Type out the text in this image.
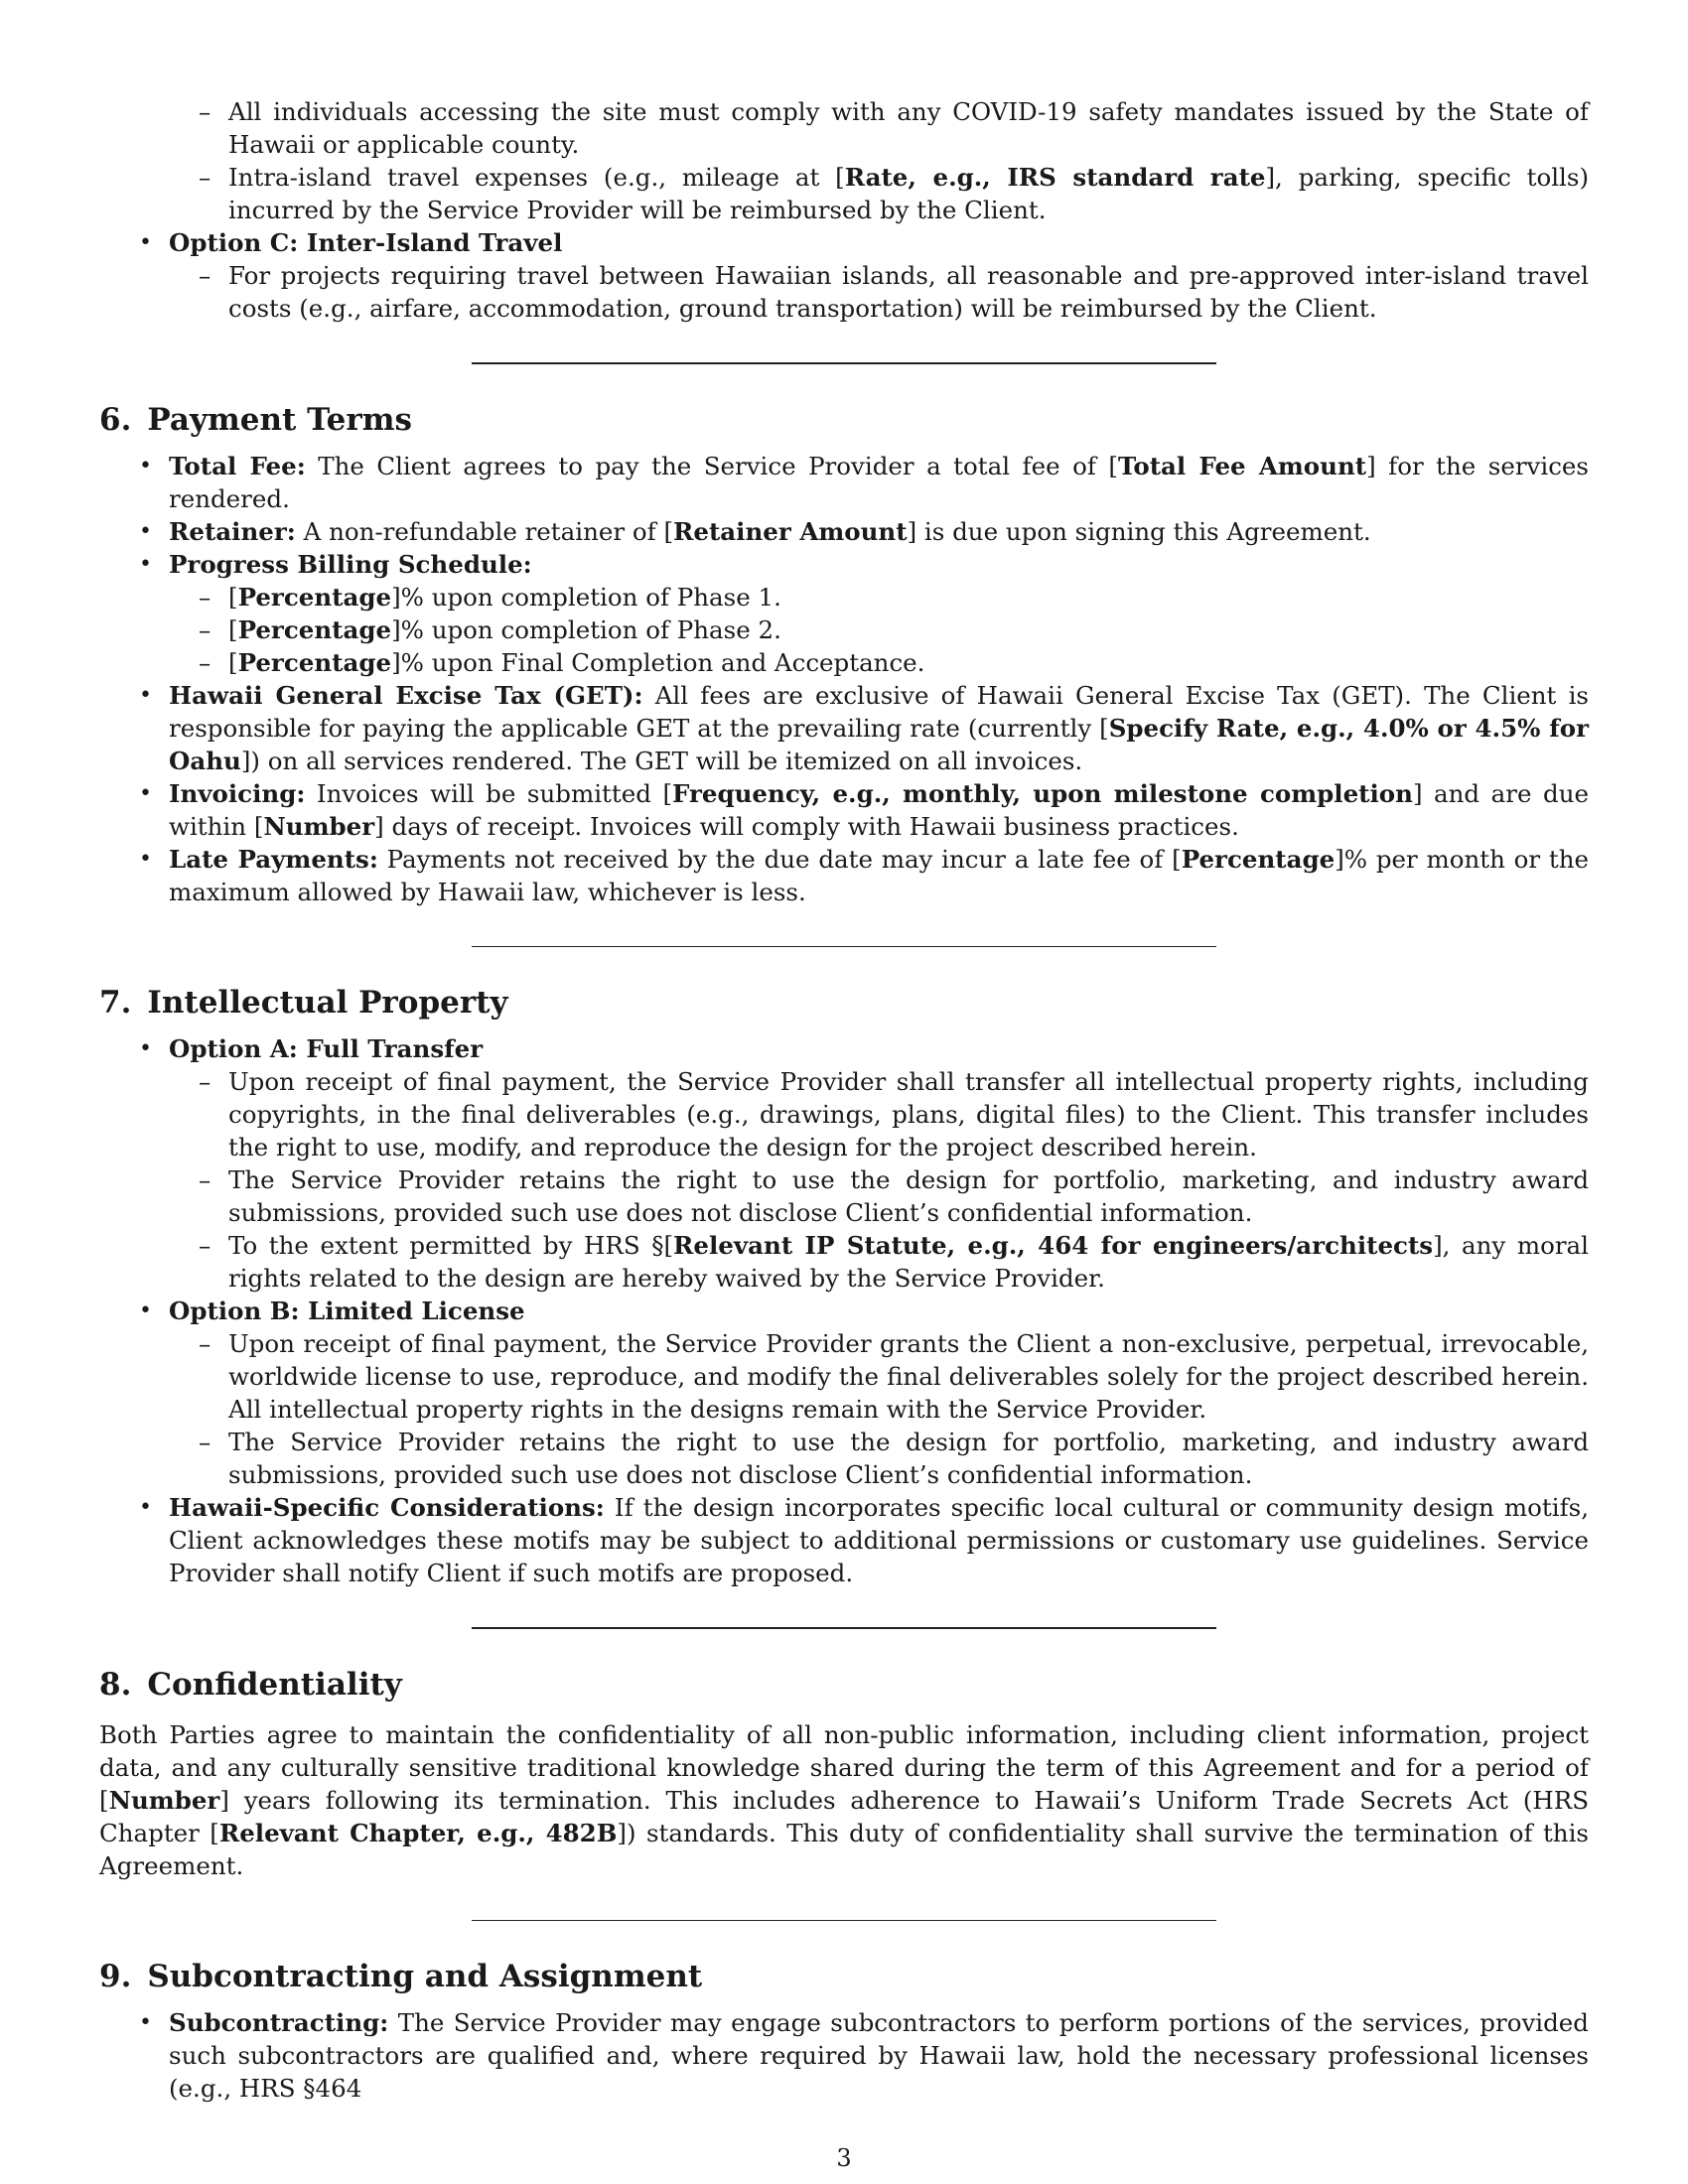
– All individuals accessing the site must comply with any COVID-19 safety mandates issued by the State of Hawaii or applicable county.
– Intra-island travel expenses (e.g., mileage at [Rate, e.g., IRS standard rate], parking, specific tolls) incurred by the Service Provider will be reimbursed by the Client.
• Option C: Inter-Island Travel
– For projects requiring travel between Hawaiian islands, all reasonable and pre-approved inter-island travel costs (e.g., airfare, accommodation, ground transportation) will be reimbursed by the Client.
6. Payment Terms
• Total Fee: The Client agrees to pay the Service Provider a total fee of [Total Fee Amount] for the services rendered.
• Retainer: A non-refundable retainer of [Retainer Amount] is due upon signing this Agreement.
• Progress Billing Schedule:
– [Percentage]% upon completion of Phase 1.
– [Percentage]% upon completion of Phase 2.
– [Percentage]% upon Final Completion and Acceptance.
• Hawaii General Excise Tax (GET): All fees are exclusive of Hawaii General Excise Tax (GET). The Client is responsible for paying the applicable GET at the prevailing rate (currently [Specify Rate, e.g., 4.0% or 4.5% for Oahu]) on all services rendered. The GET will be itemized on all invoices.
• Invoicing: Invoices will be submitted [Frequency, e.g., monthly, upon milestone completion] and are due within [Number] days of receipt. Invoices will comply with Hawaii business practices.
• Late Payments: Payments not received by the due date may incur a late fee of [Percentage]% per month or the maximum allowed by Hawaii law, whichever is less.
7. Intellectual Property
• Option A: Full Transfer
– Upon receipt of final payment, the Service Provider shall transfer all intellectual property rights, including copyrights, in the final deliverables (e.g., drawings, plans, digital files) to the Client. This transfer includes the right to use, modify, and reproduce the design for the project described herein.
– The Service Provider retains the right to use the design for portfolio, marketing, and industry award submissions, provided such use does not disclose Client’s confidential information.
– To the extent permitted by HRS §[Relevant IP Statute, e.g., 464 for engineers/architects], any moral rights related to the design are hereby waived by the Service Provider.
• Option B: Limited License
– Upon receipt of final payment, the Service Provider grants the Client a non-exclusive, perpetual, irrevocable, worldwide license to use, reproduce, and modify the final deliverables solely for the project described herein. All intellectual property rights in the designs remain with the Service Provider.
– The Service Provider retains the right to use the design for portfolio, marketing, and industry award submissions, provided such use does not disclose Client’s confidential information.
• Hawaii-Specific Considerations: If the design incorporates specific local cultural or community design motifs, Client acknowledges these motifs may be subject to additional permissions or customary use guidelines. Service Provider shall notify Client if such motifs are proposed.
8. Confidentiality
Both Parties agree to maintain the confidentiality of all non-public information, including client information, project data, and any culturally sensitive traditional knowledge shared during the term of this Agreement and for a period of [Number] years following its termination. This includes adherence to Hawaii’s Uniform Trade Secrets Act (HRS Chapter [Relevant Chapter, e.g., 482B]) standards. This duty of confidentiality shall survive the termination of this Agreement.
9. Subcontracting and Assignment
• Subcontracting: The Service Provider may engage subcontractors to perform portions of the services, provided such subcontractors are qualified and, where required by Hawaii law, hold the necessary professional licenses (e.g., HRS §464
3
